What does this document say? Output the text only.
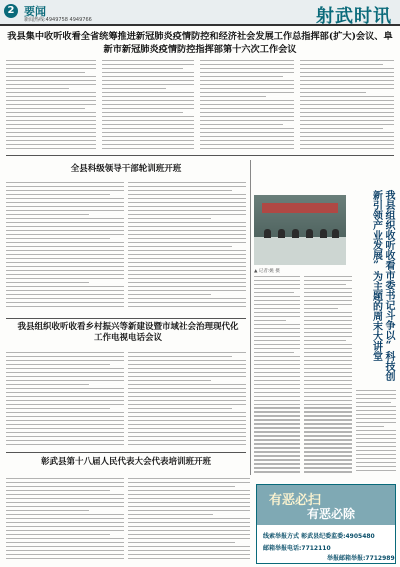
2 要闻
新闻热线:4949758 4949766	射武时讯
我县集中收听收看全省统筹推进新冠肺炎疫情防控和经济社会发展工作总指挥部(扩大)会议、阜新市新冠肺炎疫情防控指挥部第十六次工作会议
全县科级领导干部轮训班开班
▲ 记者:姚 摄	我县组织收听收看市委书记斗争以“科技创新引领产业发展”为主题的周末大讲堂
我县组织收听收看乡村振兴等新建设暨市域社会治理现代化工作电视电话会议
彰武县第十八届人民代表大会代表培训班开班
有恶必扫
有恶必除
线索举报方式 彰武县纪委监委:4905480
邮箱举报电话:7712110
举报邮箱举报:7712989
